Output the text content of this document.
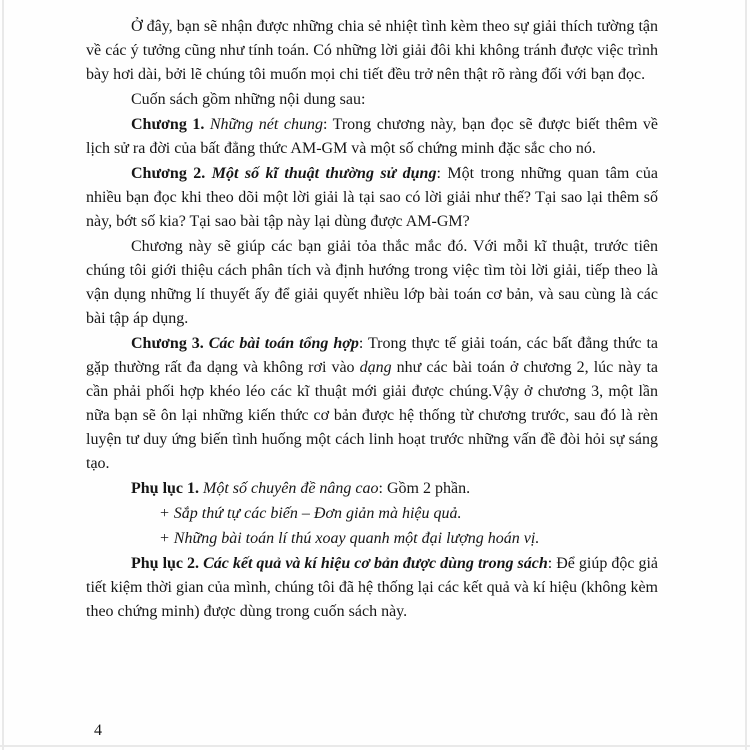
Ở đây, bạn sẽ nhận được những chia sẻ nhiệt tình kèm theo sự giải thích tường tận về các ý tưởng cũng như tính toán. Có những lời giải đôi khi không tránh được việc trình bày hơi dài, bởi lẽ chúng tôi muốn mọi chi tiết đều trở nên thật rõ ràng đối với bạn đọc.

Cuốn sách gồm những nội dung sau:

Chương 1. Những nét chung: Trong chương này, bạn đọc sẽ được biết thêm về lịch sử ra đời của bất đẳng thức AM-GM và một số chứng minh đặc sắc cho nó.

Chương 2. Một số kĩ thuật thường sử dụng: Một trong những quan tâm của nhiều bạn đọc khi theo dõi một lời giải là tại sao có lời giải như thế? Tại sao lại thêm số này, bớt số kia? Tại sao bài tập này lại dùng được AM-GM?

Chương này sẽ giúp các bạn giải tỏa thắc mắc đó. Với mỗi kĩ thuật, trước tiên chúng tôi giới thiệu cách phân tích và định hướng trong việc tìm tòi lời giải, tiếp theo là vận dụng những lí thuyết ấy để giải quyết nhiều lớp bài toán cơ bản, và sau cùng là các bài tập áp dụng.

Chương 3. Các bài toán tổng hợp: Trong thực tế giải toán, các bất đẳng thức ta gặp thường rất đa dạng và không rơi vào dạng như các bài toán ở chương 2, lúc này ta cần phải phối hợp khéo léo các kĩ thuật mới giải được chúng.Vậy ở chương 3, một lần nữa bạn sẽ ôn lại những kiến thức cơ bản được hệ thống từ chương trước, sau đó là rèn luyện tư duy ứng biến tình huống một cách linh hoạt trước những vấn đề đòi hỏi sự sáng tạo.

Phụ lục 1. Một số chuyên đề nâng cao: Gồm 2 phần.

+ Sắp thứ tự các biến – Đơn giản mà hiệu quả.

+ Những bài toán lí thú xoay quanh một đại lượng hoán vị.

Phụ lục 2. Các kết quả và kí hiệu cơ bản được dùng trong sách: Để giúp độc giả tiết kiệm thời gian của mình, chúng tôi đã hệ thống lại các kết quả và kí hiệu (không kèm theo chứng minh) được dùng trong cuốn sách này.

4
